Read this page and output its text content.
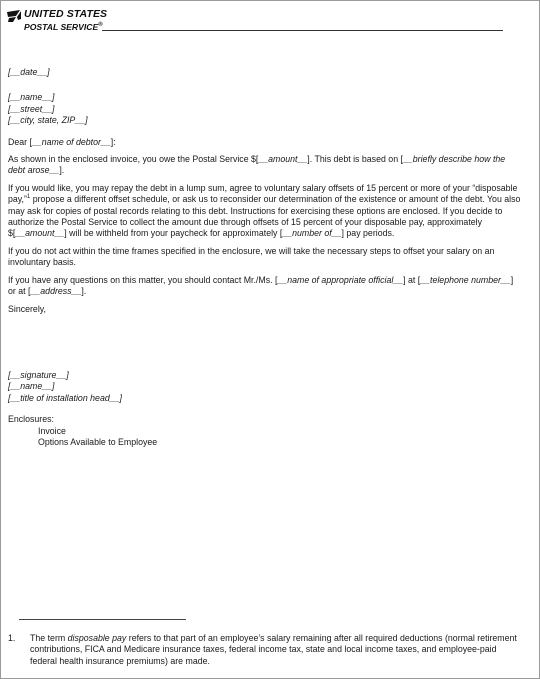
UNITED STATES
POSTAL SERVICE®
[__date__]
[__name__]
[__street__]
[__city, state, ZIP__]
Dear [__name of debtor__]:
As shown in the enclosed invoice, you owe the Postal Service $[__amount__]. This debt is based on [__briefly describe how the debt arose__].
If you would like, you may repay the debt in a lump sum, agree to voluntary salary offsets of 15 percent or more of your “disposable pay,”$^1$ propose a different offset schedule, or ask us to reconsider our determination of the existence or amount of the debt. You also may ask for copies of postal records relating to this debt. Instructions for exercising these options are enclosed. If you decide to authorize the Postal Service to collect the amount due through offsets of 15 percent of your disposable pay, approximately $[__amount__] will be withheld from your paycheck for approximately [__number of__] pay periods.
If you do not act within the time frames specified in the enclosure, we will take the necessary steps to offset your salary on an involuntary basis.
If you have any questions on this matter, you should contact Mr./Ms. [__name of appropriate official__] at [__telephone number__] or at [__address__].
Sincerely,
[__signature__]
[__name__]
[__title of installation head__]
Enclosures:
Invoice
Options Available to Employee
1. The term disposable pay refers to that part of an employee’s salary remaining after all required deductions (normal retirement contributions, FICA and Medicare insurance taxes, federal income tax, state and local income taxes, and employee-paid federal health insurance premiums) are made.
